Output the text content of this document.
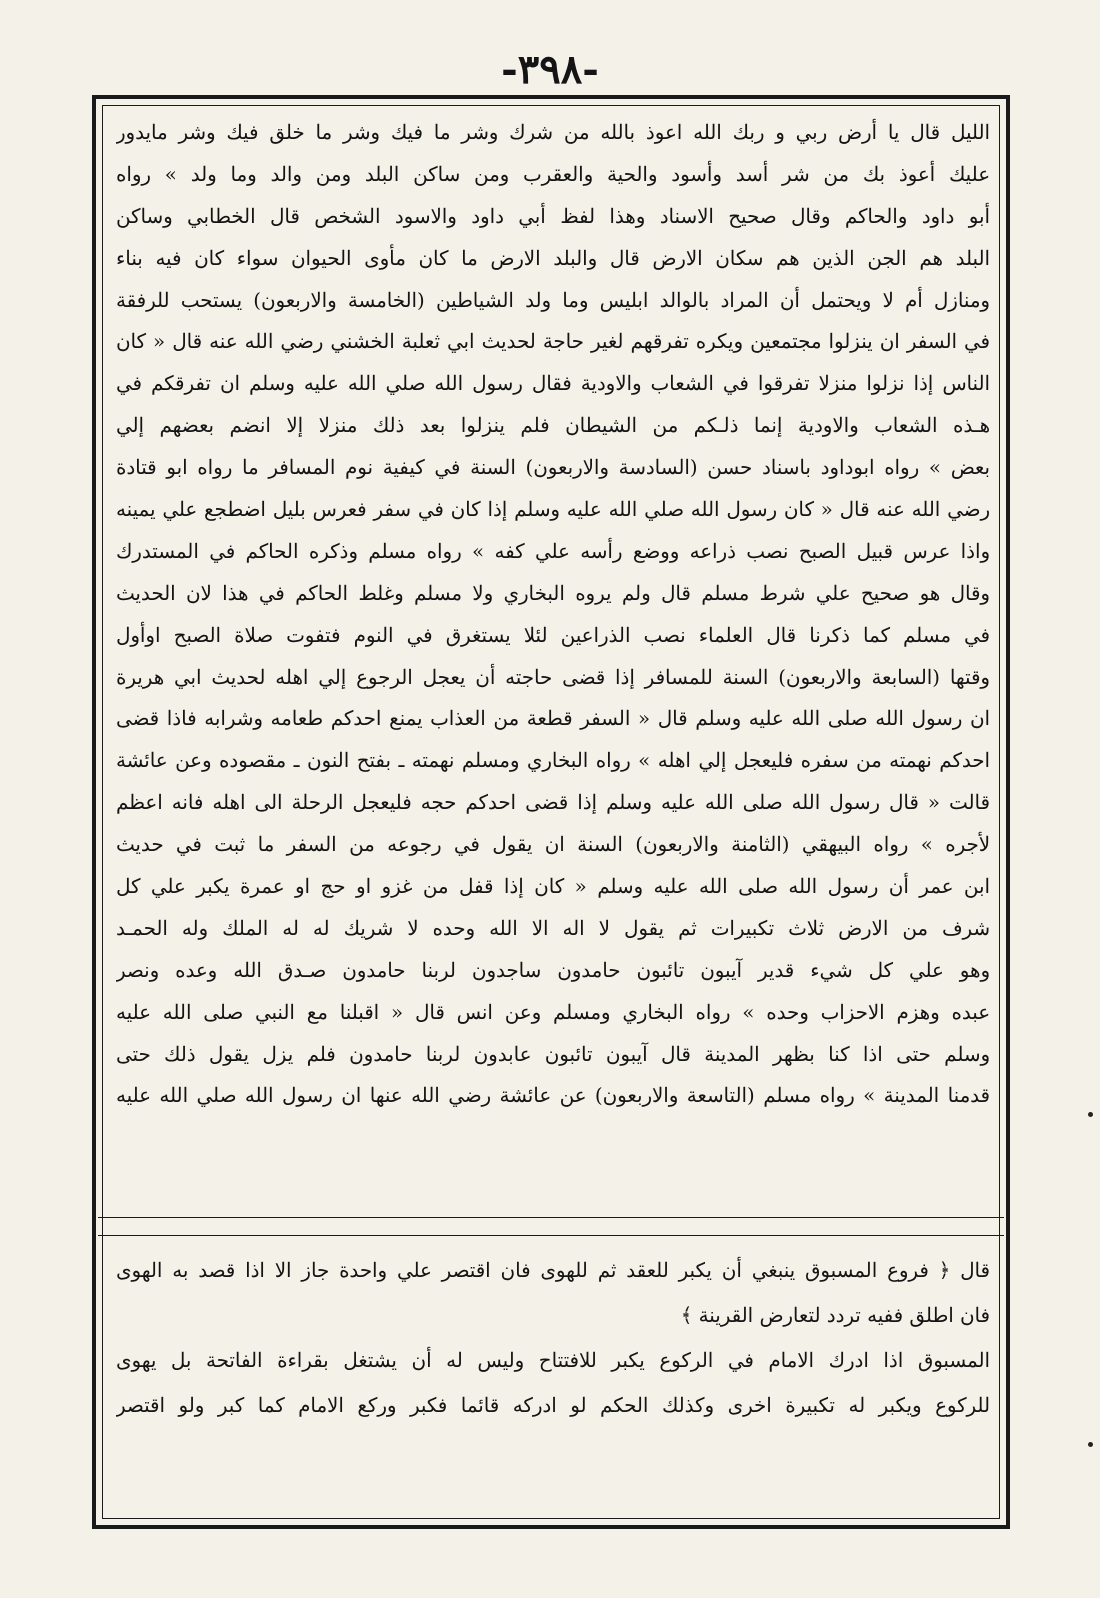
-٣٩٨-
الليل قال يا أرض ربي و ربك الله اعوذ بالله من شرك وشر ما فيك وشر ما خلق فيك وشر مايدور
عليك أعوذ بك من شر أسد وأسود والحية والعقرب ومن ساكن البلد ومن والد وما ولد » رواه
أبو داود والحاكم وقال صحيح الاسناد وهذا لفظ أبي داود والاسود الشخص قال الخطابي وساكن
البلد هم الجن الذين هم سكان الارض قال والبلد الارض ما كان مأوى الحيوان سواء كان فيه بناء
ومنازل أم لا ويحتمل أن المراد بالوالد ابليس وما ولد الشياطين (الخامسة والاربعون) يستحب للرفقة
في السفر ان ينزلوا مجتمعين ويكره تفرقهم لغير حاجة لحديث ابي ثعلبة الخشني رضي الله عنه قال « كان
الناس إذا نزلوا منزلا تفرقوا في الشعاب والاودية فقال رسول الله صلي الله عليه وسلم ان تفرقكم في
هـذه الشعاب والاودية إنما ذلـكم من الشيطان فلم ينزلوا بعد ذلك منزلا إلا انضم بعضهم إلي
بعض » رواه ابوداود باسناد حسن (السادسة والاربعون) السنة في كيفية نوم المسافر ما رواه ابو قتادة
رضي الله عنه قال « كان رسول الله صلي الله عليه وسلم إذا كان في سفر فعرس بليل اضطجع علي يمينه
واذا عرس قبيل الصبح نصب ذراعه ووضع رأسه علي كفه » رواه مسلم وذكره الحاكم في المستدرك
وقال هو صحيح علي شرط مسلم قال ولم يروه البخاري ولا مسلم وغلط الحاكم في هذا لان الحديث
في مسلم كما ذكرنا قال العلماء نصب الذراعين لئلا يستغرق في النوم فتفوت صلاة الصبح اوأول
وقتها (السابعة والاربعون) السنة للمسافر إذا قضى حاجته أن يعجل الرجوع إلي اهله لحديث ابي هريرة
ان رسول الله صلى الله عليه وسلم قال « السفر قطعة من العذاب يمنع احدكم طعامه وشرابه فاذا قضى
احدكم نهمته من سفره فليعجل إلي اهله » رواه البخاري ومسلم نهمته ـ بفتح النون ـ مقصوده وعن عائشة
قالت « قال رسول الله صلى الله عليه وسلم إذا قضى احدكم حجه فليعجل الرحلة الى اهله فانه اعظم
لأجره » رواه البيهقي (الثامنة والاربعون) السنة ان يقول في رجوعه من السفر ما ثبت في حديث
ابن عمر أن رسول الله صلى الله عليه وسلم « كان إذا قفل من غزو او حج او عمرة يكبر علي كل
شرف من الارض ثلاث تكبيرات ثم يقول لا اله الا الله وحده لا شريك له له الملك وله الحمـد
وهو علي كل شيء قدير آيبون تائبون حامدون ساجدون لربنا حامدون صـدق الله وعده ونصر
عبده وهزم الاحزاب وحده » رواه البخاري ومسلم وعن انس قال « اقبلنا مع النبي صلى الله عليه
وسلم حتى اذا كنا بظهر المدينة قال آيبون تائبون عابدون لربنا حامدون فلم يزل يقول ذلك حتى
قدمنا المدينة » رواه مسلم (التاسعة والاربعون) عن عائشة رضي الله عنها ان رسول الله صلي الله عليه
قال ﴿ فروع المسبوق ينبغي أن يكبر للعقد ثم للهوى فان اقتصر علي واحدة جاز الا اذا قصد به الهوى
فان اطلق ففيه تردد لتعارض القرينة ﴾
المسبوق اذا ادرك الامام في الركوع يكبر للافتتاح وليس له أن يشتغل بقراءة الفاتحة بل يهوى
للركوع ويكبر له تكبيرة اخرى وكذلك الحكم لو ادركه قائما فكبر وركع الامام كما كبر ولو اقتصر
